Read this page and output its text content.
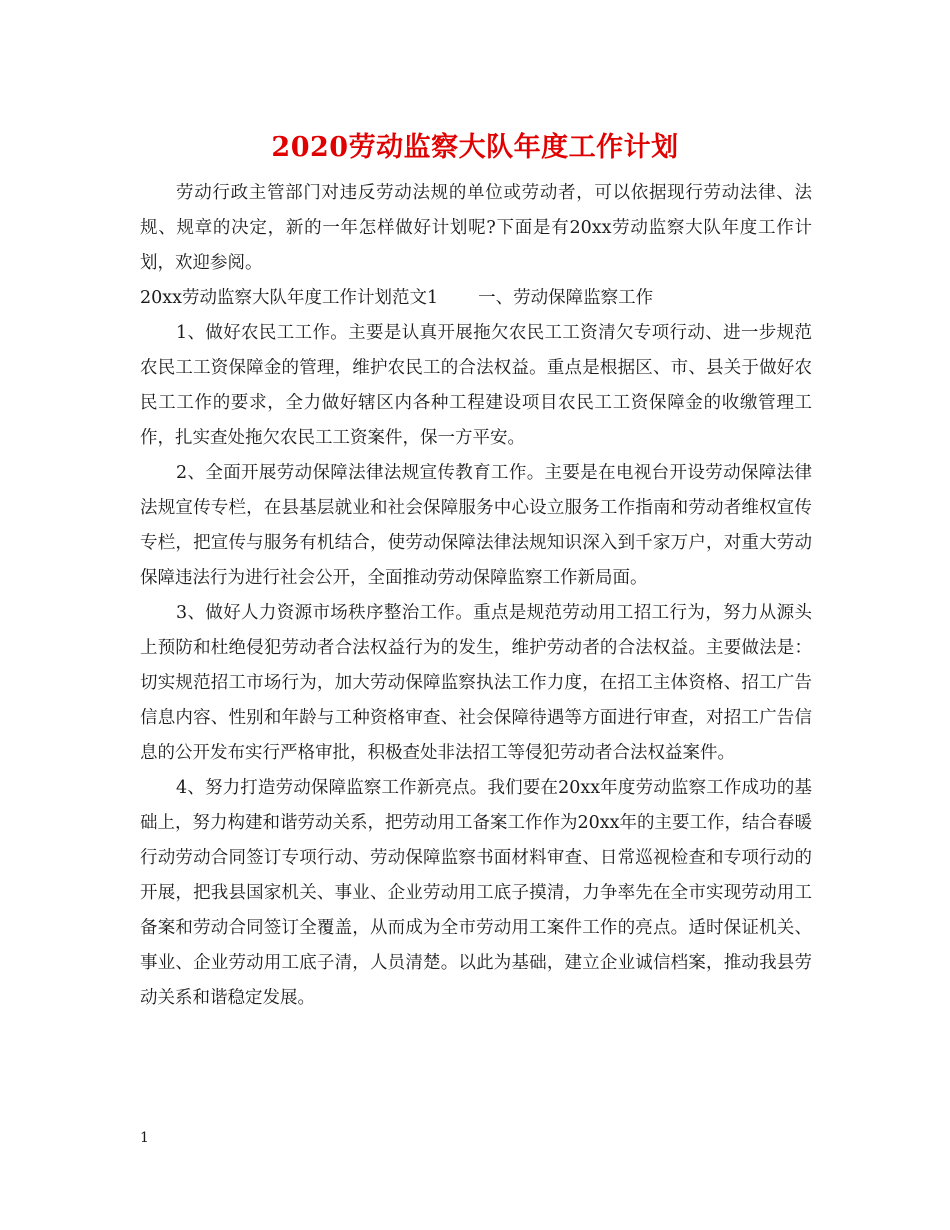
2020劳动监察大队年度工作计划

劳动行政主管部门对违反劳动法规的单位或劳动者，可以依据现行劳动法律、法规、规章的决定，新的一年怎样做好计划呢?下面是有20xx劳动监察大队年度工作计划，欢迎参阅。

20xx劳动监察大队年度工作计划范文1 一、劳动保障监察工作

1、做好农民工工作。主要是认真开展拖欠农民工工资清欠专项行动、进一步规范农民工工资保障金的管理，维护农民工的合法权益。重点是根据区、市、县关于做好农民工工作的要求，全力做好辖区内各种工程建设项目农民工工资保障金的收缴管理工作，扎实查处拖欠农民工工资案件，保一方平安。

2、全面开展劳动保障法律法规宣传教育工作。主要是在电视台开设劳动保障法律法规宣传专栏，在县基层就业和社会保障服务中心设立服务工作指南和劳动者维权宣传专栏，把宣传与服务有机结合，使劳动保障法律法规知识深入到千家万户，对重大劳动保障违法行为进行社会公开，全面推动劳动保障监察工作新局面。

3、做好人力资源市场秩序整治工作。重点是规范劳动用工招工行为，努力从源头上预防和杜绝侵犯劳动者合法权益行为的发生，维护劳动者的合法权益。主要做法是：切实规范招工市场行为，加大劳动保障监察执法工作力度，在招工主体资格、招工广告信息内容、性别和年龄与工种资格审查、社会保障待遇等方面进行审查，对招工广告信息的公开发布实行严格审批，积极查处非法招工等侵犯劳动者合法权益案件。

4、努力打造劳动保障监察工作新亮点。我们要在20xx年度劳动监察工作成功的基础上，努力构建和谐劳动关系，把劳动用工备案工作作为20xx年的主要工作，结合春暖行动劳动合同签订专项行动、劳动保障监察书面材料审查、日常巡视检查和专项行动的开展，把我县国家机关、事业、企业劳动用工底子摸清，力争率先在全市实现劳动用工备案和劳动合同签订全覆盖，从而成为全市劳动用工案件工作的亮点。适时保证机关、事业、企业劳动用工底子清，人员清楚。以此为基础，建立企业诚信档案，推动我县劳动关系和谐稳定发展。

1
